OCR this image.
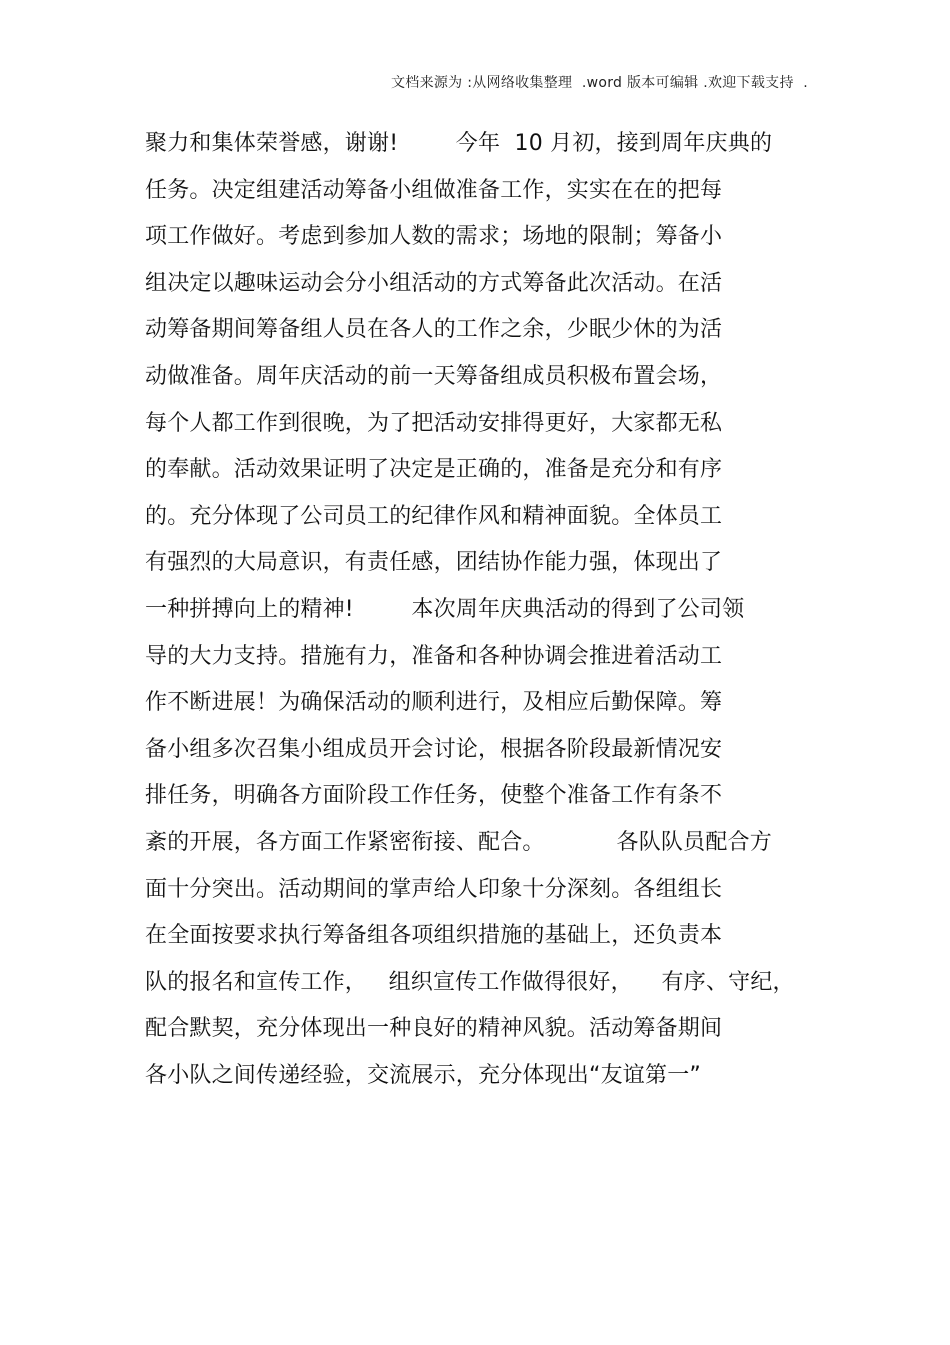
文档来源为 :从网络收集整理  .word 版本可编辑 .欢迎下载支持  .
聚力和集体荣誉感，谢谢!        今年  10 月初，接到周年庆典的
任务。决定组建活动筹备小组做准备工作，实实在在的把每
项工作做好。考虑到参加人数的需求；场地的限制；筹备小
组决定以趣味运动会分小组活动的方式筹备此次活动。在活
动筹备期间筹备组人员在各人的工作之余，少眠少休的为活
动做准备。周年庆活动的前一天筹备组成员积极布置会场，
每个人都工作到很晚，为了把活动安排得更好，大家都无私
的奉献。活动效果证明了决定是正确的，准备是充分和有序
的。充分体现了公司员工的纪律作风和精神面貌。全体员工
有强烈的大局意识，有责任感，团结协作能力强，体现出了
一种拼搏向上的精神!        本次周年庆典活动的得到了公司领
导的大力支持。措施有力，准备和各种协调会推进着活动工
作不断进展！为确保活动的顺利进行，及相应后勤保障。筹
备小组多次召集小组成员开会讨论，根据各阶段最新情况安
排任务，明确各方面阶段工作任务，使整个准备工作有条不
紊的开展，各方面工作紧密衔接、配合。          各队队员配合方
面十分突出。活动期间的掌声给人印象十分深刻。各组组长
在全面按要求执行筹备组各项组织措施的基础上，还负责本
队的报名和宣传工作，   组织宣传工作做得很好，    有序、守纪，
配合默契，充分体现出一种良好的精神风貌。活动筹备期间
各小队之间传递经验，交流展示，充分体现出“友谊第一”
